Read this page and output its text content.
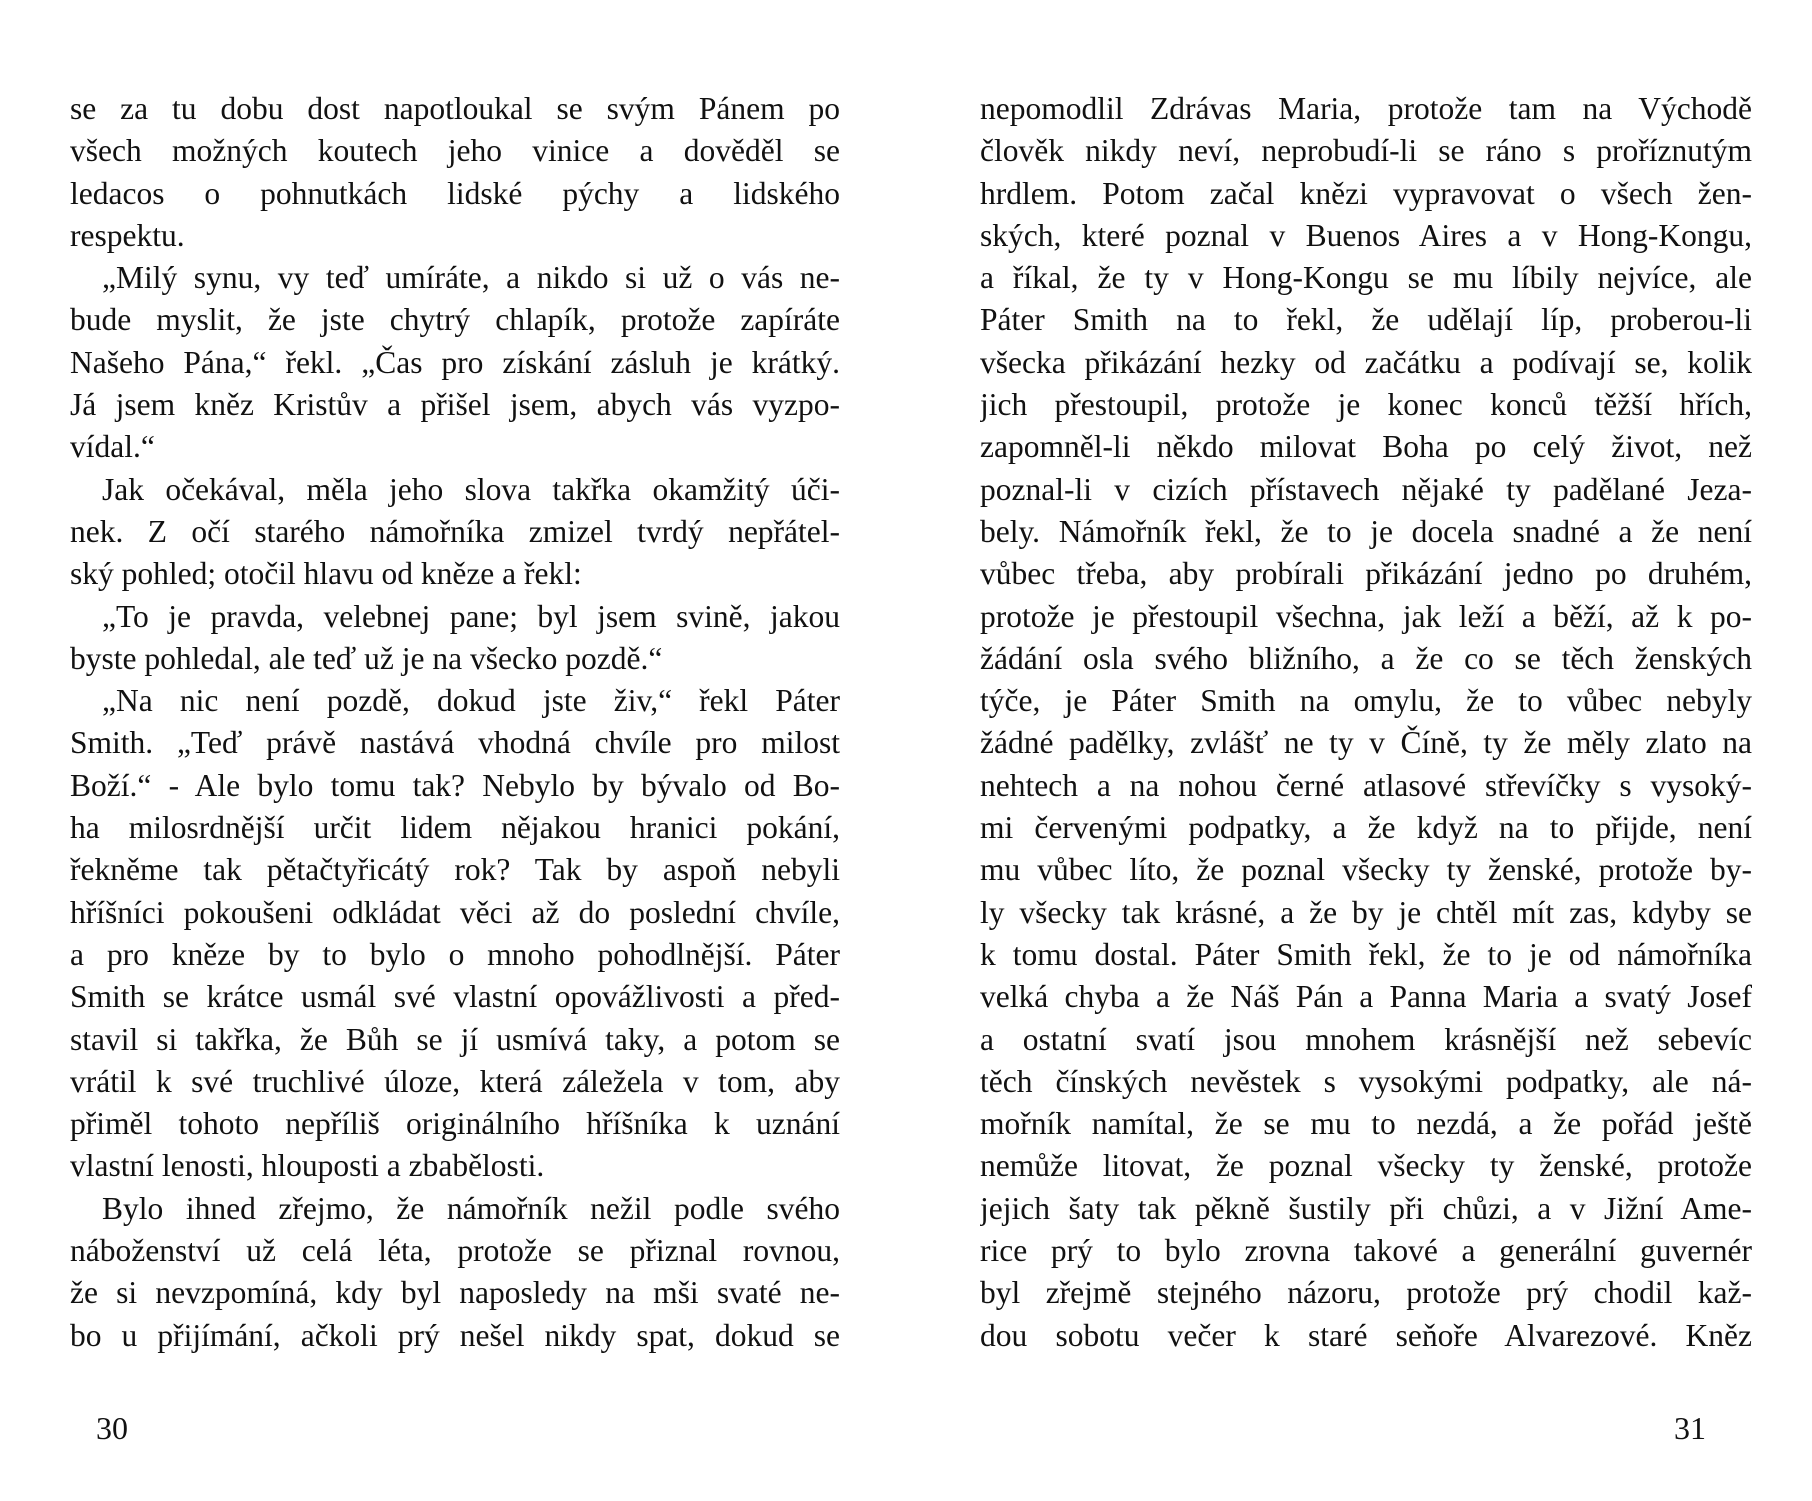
se za tu dobu dost napotloukal se svým Pánem po
všech možných koutech jeho vinice a dověděl se
ledacos o pohnutkách lidské pýchy a lidského
respektu.
„Milý synu, vy teď umíráte, a nikdo si už o vás ne-
bude myslit, že jste chytrý chlapík, protože zapíráte
Našeho Pána,“ řekl. „Čas pro získání zásluh je krátký.
Já jsem kněz Kristův a přišel jsem, abych vás vyzpo-
vídal.“
Jak očekával, měla jeho slova takřka okamžitý úči-
nek. Z očí starého námořníka zmizel tvrdý nepřátel-
ský pohled; otočil hlavu od kněze a řekl:
„To je pravda, velebnej pane; byl jsem svině, jakou
byste pohledal, ale teď už je na všecko pozdě.“
„Na nic není pozdě, dokud jste živ,“ řekl Páter
Smith. „Teď právě nastává vhodná chvíle pro milost
Boží.“ - Ale bylo tomu tak? Nebylo by bývalo od Bo-
ha milosrdnější určit lidem nějakou hranici pokání,
řekněme tak pětačtyřicátý rok? Tak by aspoň nebyli
hříšníci pokoušeni odkládat věci až do poslední chvíle,
a pro kněze by to bylo o mnoho pohodlnější. Páter
Smith se krátce usmál své vlastní opovážlivosti a před-
stavil si takřka, že Bůh se jí usmívá taky, a potom se
vrátil k své truchlivé úloze, která záležela v tom, aby
přiměl tohoto nepříliš originálního hříšníka k uznání
vlastní lenosti, hlouposti a zbabělosti.
Bylo ihned zřejmo, že námořník nežil podle svého
náboženství už celá léta, protože se přiznal rovnou,
že si nevzpomíná, kdy byl naposledy na mši svaté ne-
bo u přijímání, ačkoli prý nešel nikdy spat, dokud se
nepomodlil Zdrávas Maria, protože tam na Východě
člověk nikdy neví, neprobudí-li se ráno s proříznutým
hrdlem. Potom začal knězi vypravovat o všech žen-
ských, které poznal v Buenos Aires a v Hong-Kongu,
a říkal, že ty v Hong-Kongu se mu líbily nejvíce, ale
Páter Smith na to řekl, že udělají líp, proberou-li
všecka přikázání hezky od začátku a podívají se, kolik
jich přestoupil, protože je konec konců těžší hřích,
zapomněl-li někdo milovat Boha po celý život, než
poznal-li v cizích přístavech nějaké ty padělané Jeza-
bely. Námořník řekl, že to je docela snadné a že není
vůbec třeba, aby probírali přikázání jedno po druhém,
protože je přestoupil všechna, jak leží a běží, až k po-
žádání osla svého bližního, a že co se těch ženských
týče, je Páter Smith na omylu, že to vůbec nebyly
žádné padělky, zvlášť ne ty v Číně, ty že měly zlato na
nehtech a na nohou černé atlasové střevíčky s vysoký-
mi červenými podpatky, a že když na to přijde, není
mu vůbec líto, že poznal všecky ty ženské, protože by-
ly všecky tak krásné, a že by je chtěl mít zas, kdyby se
k tomu dostal. Páter Smith řekl, že to je od námořníka
velká chyba a že Náš Pán a Panna Maria a svatý Josef
a ostatní svatí jsou mnohem krásnější než sebevíc
těch čínských nevěstek s vysokými podpatky, ale ná-
mořník namítal, že se mu to nezdá, a že pořád ještě
nemůže litovat, že poznal všecky ty ženské, protože
jejich šaty tak pěkně šustily při chůzi, a v Jižní Ame-
rice prý to bylo zrovna takové a generální guvernér
byl zřejmě stejného názoru, protože prý chodil kaž-
dou sobotu večer k staré seňoře Alvarezové. Kněz
30	31
